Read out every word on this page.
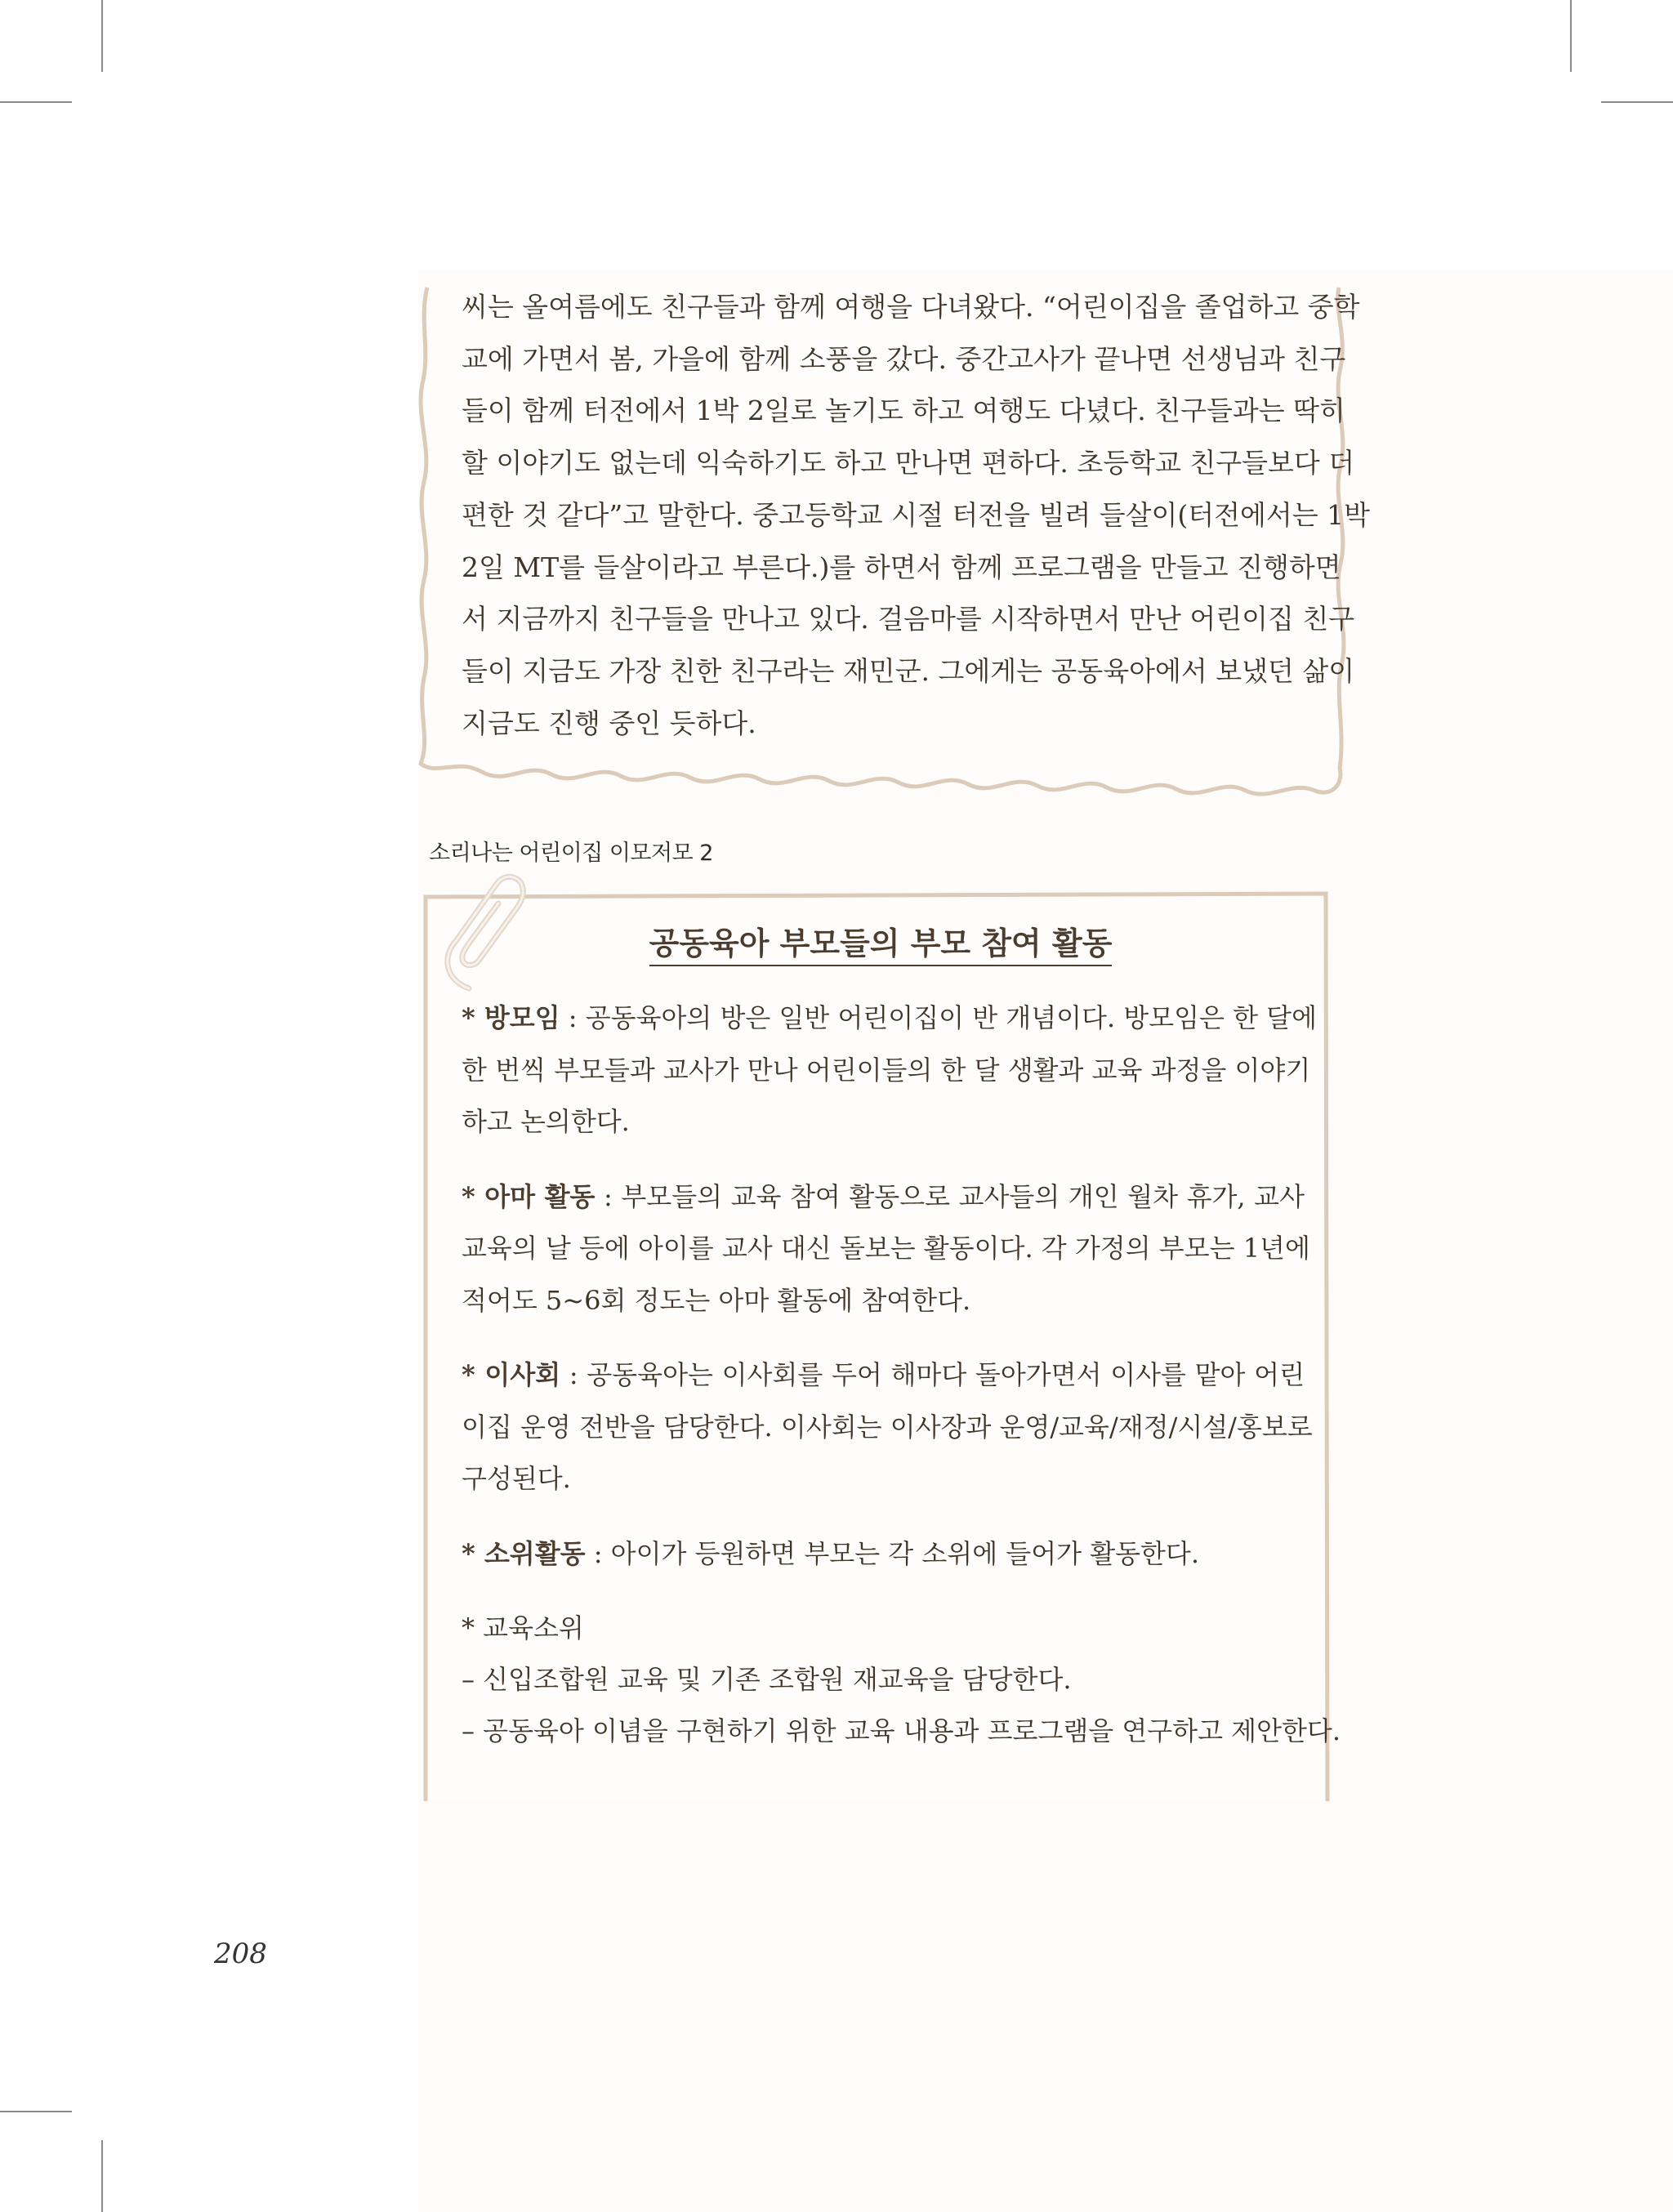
씨는 올여름에도 친구들과 함께 여행을 다녀왔다. “어린이집을 졸업하고 중학
교에 가면서 봄, 가을에 함께 소풍을 갔다. 중간고사가 끝나면 선생님과 친구
들이 함께 터전에서 1박 2일로 놀기도 하고 여행도 다녔다. 친구들과는 딱히
할 이야기도 없는데 익숙하기도 하고 만나면 편하다. 초등학교 친구들보다 더
편한 것 같다”고 말한다. 중고등학교 시절 터전을 빌려 들살이(터전에서는 1박
2일 MT를 들살이라고 부른다.)를 하면서 함께 프로그램을 만들고 진행하면
서 지금까지 친구들을 만나고 있다. 걸음마를 시작하면서 만난 어린이집 친구
들이 지금도 가장 친한 친구라는 재민군. 그에게는 공동육아에서 보냈던 삶이
지금도 진행 중인 듯하다.
소리나는 어린이집 이모저모 2
공동육아 부모들의 부모 참여 활동
* 방모임 : 공동육아의 방은 일반 어린이집이 반 개념이다. 방모임은 한 달에
한 번씩 부모들과 교사가 만나 어린이들의 한 달 생활과 교육 과정을 이야기
하고 논의한다.
* 아마 활동 : 부모들의 교육 참여 활동으로 교사들의 개인 월차 휴가, 교사
교육의 날 등에 아이를 교사 대신 돌보는 활동이다. 각 가정의 부모는 1년에
적어도 5~6회 정도는 아마 활동에 참여한다.
* 이사회 : 공동육아는 이사회를 두어 해마다 돌아가면서 이사를 맡아 어린
이집 운영 전반을 담당한다. 이사회는 이사장과 운영/교육/재정/시설/홍보로
구성된다.
* 소위활동 : 아이가 등원하면 부모는 각 소위에 들어가 활동한다.
* 교육소위
– 신입조합원 교육 및 기존 조합원 재교육을 담당한다.
– 공동육아 이념을 구현하기 위한 교육 내용과 프로그램을 연구하고 제안한다.
208
